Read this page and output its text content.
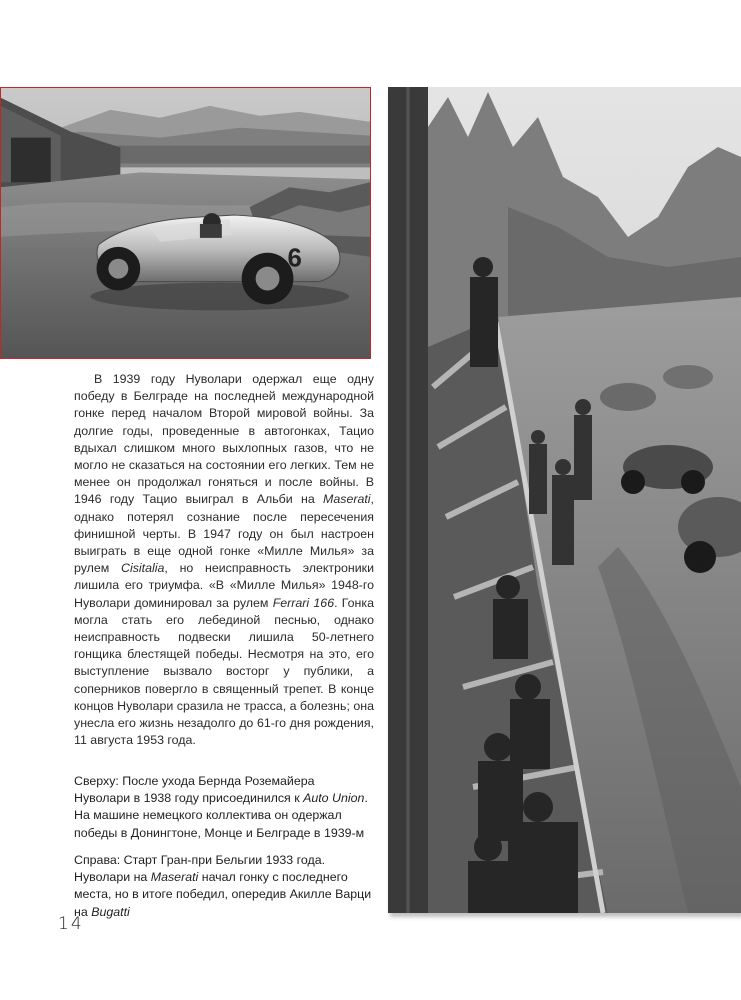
6

В 1939 году Нуволари одержал еще одну победу в Белграде на последней международной гонке перед началом Второй мировой войны. За долгие годы, проведенные в автогонках, Тацио вдыхал слишком много выхлопных газов, что не могло не сказаться на состоянии его легких. Тем не менее он продолжал гоняться и после войны. В 1946 году Тацио выиграл в Альби на Maserati, однако потерял сознание после пересечения финишной черты. В 1947 году он был настроен выиграть в еще одной гонке «Милле Милья» за рулем Cisitalia, но неисправность электроники лишила его триумфа. «В «Милле Милья» 1948-го Нуволари доминировал за рулем Ferrari 166. Гонка могла стать его лебединой песнью, однако неисправность подвески лишила 50-летнего гонщика блестящей победы. Несмотря на это, его выступление вызвало восторг у публики, а соперников повергло в священный трепет. В конце концов Нуволари сразила не трасса, а болезнь; она унесла его жизнь незадолго до 61-го дня рождения, 11 августа 1953 года.

Сверху: После ухода Бернда Роземайера Нуволари в 1938 году присоединился к Auto Union. На машине немецкого коллектива он одержал победы в Донингтоне, Монце и Белграде в 1939-м

Справа: Старт Гран-при Бельгии 1933 года. Нуволари на Maserati начал гонку с последнего места, но в итоге победил, опередив Акилле Варци на Bugatti

14
